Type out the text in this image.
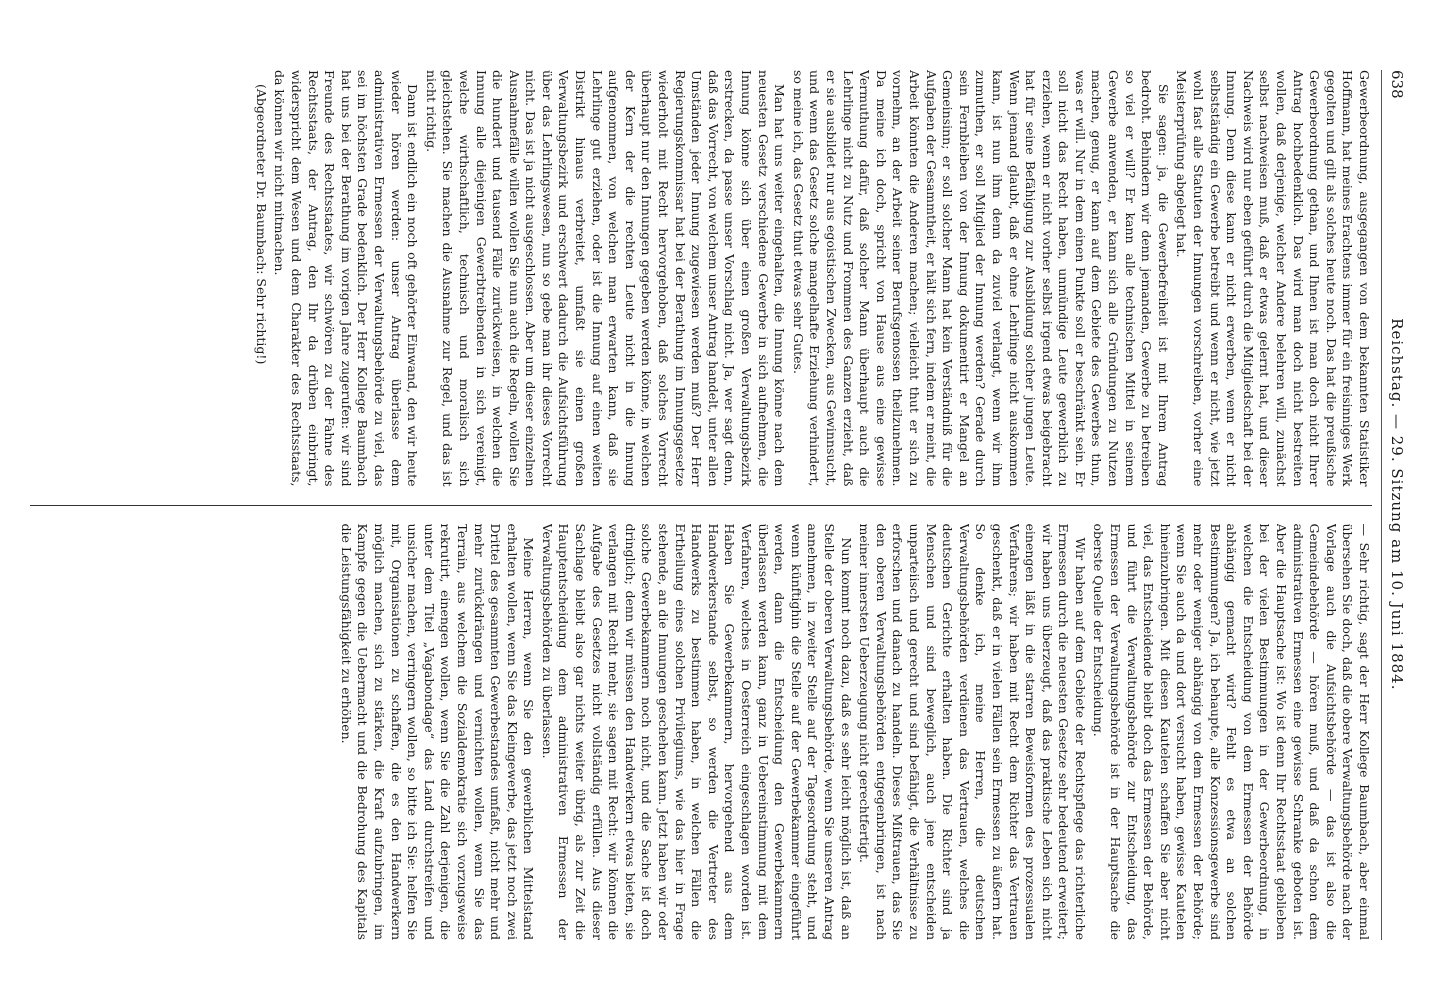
638
Reichstag. — 29. Sitzung am 10. Juni 1884.

Gewerbeordnung, ausgegangen von dem bekannten Statistiker Hoffmann, hat meines Erachtens immer für ein freisinniges Werk gegolten und gilt als solches heute noch. Das hat die preußische Gewerbeordnung gethan, und Ihnen ist man doch nicht Ihrer Antrag hochbedenklich. Das wird man doch nicht bestreiten wollen, daß derjenige, welcher Andere belehren will, zunächst selbst nachweisen muß, daß er etwas gelernt hat, und dieser Nachweis wird nur eben geführt durch die Mitgliedschaft bei der Innung. Denn diese kann er nicht erwerben, wenn er nicht selbstständig ein Gewerbe betreibt und wenn er nicht, wie jetzt wohl fast alle Statuten der Innungen vorschreiben, vorher eine Meisterprüfung abgelegt hat.

Sie sagen: ja, die Gewerbefreiheit ist mit Ihrem Antrag bedroht. Behindern wir denn jemanden, Gewerbe zu betreiben so viel er will? Er kann alle technischen Mittel in seinem Gewerbe anwenden, er kann sich alle Gründungen zu Nutzen machen, genug, er kann auf dem Gebiete des Gewerbes thun, was er will. Nur in dem einen Punkte soll er beschränkt sein. Er soll nicht das Recht haben, unmündige Leute gewerblich zu erziehen, wenn er nicht vorher selbst irgend etwas beigebracht hat für seine Befähigung zur Ausbildung solcher jungen Leute. Wenn jemand glaubt, daß er ohne Lehrlinge nicht auskommen kann, ist nun ihm denn da zuviel verlangt, wenn wir ihm zumuthen, er soll Mitglied der Innung werden? Gerade durch sein Fernbleiben von der Innung dokumentirt er Mangel an Gemeinsinn; er soll solcher Mann hat kein Verständniß für die Aufgaben der Gesammtheit, er hält sich fern, indem er meint, die Arbeit könnten die Anderen machen; vielleicht thut er sich zu vornehm, an der Arbeit seiner Berufsgenossen theilzunehmen. Da meine ich doch, spricht von Hause aus eine gewisse Vermuthung dafür, daß solcher Mann überhaupt auch die Lehrlinge nicht zu Nutz und Frommen des Ganzen erzieht, daß er sie ausbildet nur aus egoistischen Zwecken, aus Gewinnsucht, und wenn das Gesetz solche mangelhafte Erziehung verhindert, so meine ich, das Gesetz thut etwas sehr Gutes.

Man hat uns weiter eingehalten, die Innung könne nach dem neuesten Gesetz verschiedene Gewerbe in sich aufnehmen, die Innung könne sich über einen großen Verwaltungsbezirk erstrecken, da passe unser Vorschlag nicht. Ja, wer sagt denn, daß das Vorrecht, von welchem unser Antrag handelt, unter allen Umständen jeder Innung zugewiesen werden muß? Der Herr Regierungskommissar hat bei der Berathung im Innungsgesetze wiederholt mit Recht hervorgehoben, daß solches Vorrecht überhaupt nur den Innungen gegeben werden könne, in welchen der Kern der die rechten Leute nicht in die Innung aufgenommen, von welchen man erwarten kann, daß sie Lehrlinge gut erziehen, oder ist die Innung auf einen weiten Distrikt hinaus verbreitet, umfaßt sie einen großen Verwaltungsbezirk und erschwert dadurch die Aufsichtsführung über das Lehrlingswesen, nun so gebe man ihr dieses Vorrecht nicht. Das ist ja nicht ausgeschlossen. Aber um dieser einzelnen Ausnahmefälle willen wollen Sie nun auch die Regeln, wollen Sie die hundert und tausend Fälle zurückweisen, in welchen die Innung alle diejenigen Gewerbtreibenden in sich vereinigt, welche wirthschaftlich, technisch und moralisch sich gleichstehen. Sie machen die Ausnahme zur Regel, und das ist nicht richtig.

Dann ist endlich ein noch oft gehörter Einwand, den wir heute wieder hören werden: unser Antrag überlasse dem administrativen Ermessen der Verwaltungsbehörde zu viel, das sei im höchsten Grade bedenklich. Der Herr Kollege Baumbach hat uns bei der Berathung im vorigen Jahre zugerufen: wir sind Freunde des Rechtsstaates, wir schwören zu der Fahne des Rechtsstaats, der Antrag, den Ihr da drüben einbringt, widerspricht dem Wesen und dem Charakter des Rechtsstaats, da können wir nicht mitmachen.

(Abgeordneter Dr. Baumbach: Sehr richtig!)

— Sehr richtig, sagt der Herr Kollege Baumbach, aber einmal übersehen Sie doch, daß die obere Verwaltungsbehörde nach der Vorlage auch die Aufsichtsbehörde — das ist also die Gemeindebehörde — hören muß, und daß da schon dem administrativen Ermessen eine gewisse Schranke geboten ist. Aber die Hauptsache ist: Wo ist denn Ihr Rechtsstaat geblieben bei der vielen Bestimmungen in der Gewerbeordnung, in welchen die Entscheidung von dem Ermessen der Behörde abhängig gemacht wird? Fehlt es etwa an solchen Bestimmungen? Ja, ich behaupte, alle Konzessionsgewerbe sind mehr oder weniger abhängig von dem Ermessen der Behörde; wenn Sie auch da und dort versucht haben, gewisse Kautelen hineinzubringen. Mit diesen Kautelen schaffen Sie aber nicht viel, das Entscheidende bleibt doch das Ermessen der Behörde, und führt die Verwaltungsbehörde zur Entscheidung, das Ermessen der Verwaltungsbehörde ist in der Hauptsache die oberste Quelle der Entscheidung.

Wir haben auf dem Gebiete der Rechtspflege das richterliche Ermessen durch die neuesten Gesetze sehr bedeutend erweitert; wir haben uns überzeugt, daß das praktische Leben sich nicht einengen läßt in die starren Beweisformen des prozessualen Verfahrens; wir haben mit Recht dem Richter das Vertrauen geschenkt, daß er in vielen Fällen sein Ermessen zu äußern hat. So denke ich, meine Herren, die deutschen Verwaltungsbehörden verdienen das Vertrauen, welches die deutschen Gerichte erhalten haben. Die Richter sind ja Menschen und sind beweglich, auch jene entscheiden unparteiisch und gerecht und sind befähigt, die Verhältnisse zu erforschen und danach zu handeln. Dieses Mißtrauen, das Sie den oberen Verwaltungsbehörden entgegenbringen, ist nach meiner innersten Ueberzeugung nicht gerechtfertigt.

Nun kommt noch dazu, daß es sehr leicht möglich ist, daß an Stelle der oberen Verwaltungsbehörde, wenn Sie unseren Antrag annehmen, in zweiter Stelle auf der Tagesordnung steht, und wenn künftighin die Stelle auf der Gewerbekammer eingeführt werden, dann die Entscheidung den Gewerbekammern überlassen werden kann, ganz in Uebereinstimmung mit dem Verfahren, welches in Oesterreich eingeschlagen worden ist. Haben Sie Gewerbekammern, hervorgehend aus dem Handwerkerstande selbst, so werden die Vertreter des Handwerks zu bestimmen haben, in welchen Fällen die Ertheilung eines solchen Privilegiums, wie das hier in Frage stehende, an die Innungen geschehen kann. Jetzt haben wir oder solche Gewerbekammern noch nicht, und die Sache ist doch dringlich; denn wir müssen den Handwerkern etwas bieten, sie verlangen mit Recht mehr, sie sagen mit Recht: wir können die Aufgabe des Gesetzes nicht vollständig erfüllen. Aus dieser Sachlage bleibt also gar nichts weiter übrig, als zur Zeit die Hauptentscheidung dem administrativen Ermessen der Verwaltungsbehörden zu überlassen.

Meine Herren, wenn Sie den gewerblichen Mittelstand erhalten wollen, wenn Sie das Kleingewerbe, das jetzt noch zwei Drittel des gesammten Gewerbestandes umfaßt, nicht mehr und mehr zurückdrängen und vernichten wollen, wenn Sie das Terrain, aus welchem die Sozialdemokratie sich vorzugsweise rekrutirt, einengen wollen, wenn Sie die Zahl derjenigen, die unter dem Titel „Vagabondage“ das Land durchstreifen und unsicher machen, verringern wollen, so bitte ich Sie: helfen Sie mit, Organisationen zu schaffen, die es den Handwerkern möglich machen, sich zu stärken, die Kraft aufzubringen, im Kampfe gegen die Uebermacht und die Bedrohung des Kapitals die Leistungsfähigkeit zu erhöhen.
